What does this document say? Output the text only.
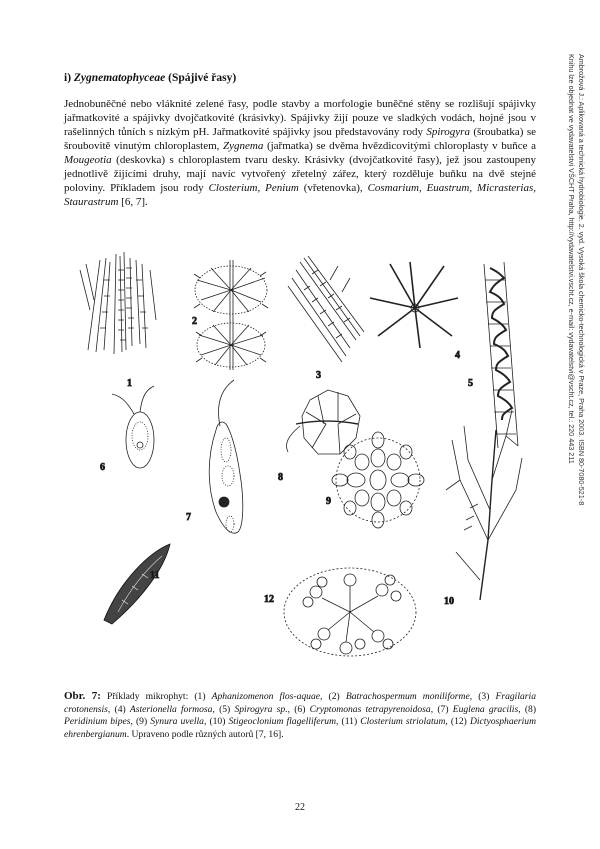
i) Zygnematophyceae (Spájivé řasy)

Jednobuněčné nebo vláknité zelené řasy, podle stavby a morfologie buněčné stěny se rozlišují spájivky jařmatkovité a spájivky dvojčatkovité (krásivky). Spájivky žijí pouze ve sladkých vodách, hojné jsou v rašelinných tůních s nízkým pH. Jařmatkovité spájivky jsou představovány rody Spirogyra (šroubatka) se šroubovitě vinutým chloroplastem, Zygnema (jařmatka) se dvěma hvězdicovitými chloroplasty v buňce a Mougeotia (deskovka) s chloroplastem tvaru desky. Krásivky (dvojčatkovité řasy), jež jsou zastoupeny jednotlivě žijícími druhy, mají navíc vytvořený zřetelný zářez, který rozděluje buňku na dvě stejné poloviny. Příkladem jsou rody Closterium, Penium (vřetenovka), Cosmarium, Euastrum, Micrasterias, Staurastrum [6, 7].	Ambrožová J.: Aplikovaná a technická hydrobiologie. 2. vyd. Vysoká škola chemicko-technologická v Praze, Praha 2003. ISBN 80-7080-521-8
Knihu lze objednat ve vydavatelství VŠCHT Praha, http://vydavatelstvi.vscht.cz, e-mail: vydavatelstvi@vscht.cz, tel.: 220 443 211
1
2
3
4
5
6
7
8
9
10
11
12

Obr. 7: Příklady mikrophyt: (1) Aphanizomenon flos-aquae, (2) Batrachospermum moniliforme, (3) Fragilaria crotonensis, (4) Asterionella formosa, (5) Spirogyra sp., (6) Cryptomonas tetrapyrenoidosa, (7) Euglena gracilis, (8) Peridinium bipes, (9) Synura uvella, (10) Stigeoclonium flagelliferum, (11) Closterium striolatum, (12) Dictyosphaerium ehrenbergianum. Upraveno podle různých autorů [7, 16].

22
